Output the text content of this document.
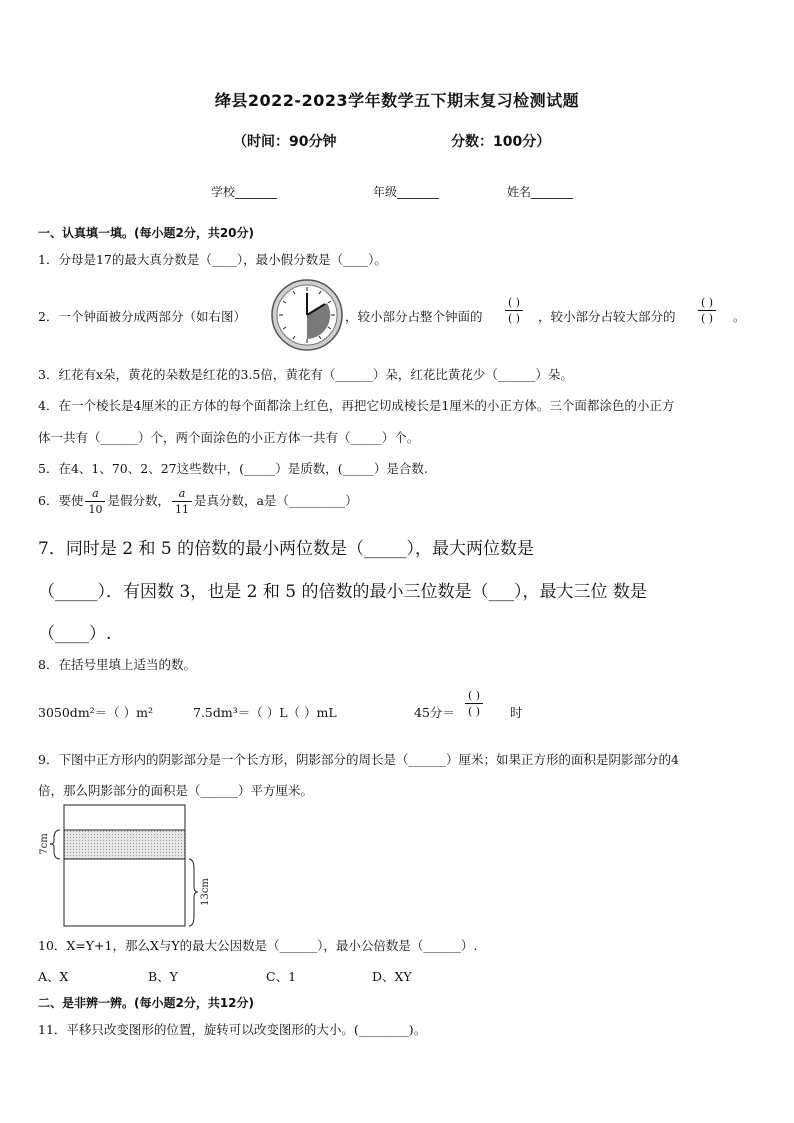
绛县2022-2023学年数学五下期末复习检测试题
（时间：90分钟	分数：100分）
学校_______	年级_______	姓名_______
一、认真填一填。(每小题2分，共20分)
1．分母是17的最大真分数是（____），最小假分数是（____）。
2．一个钟面被分成两部分（如右图）	，较小部分占整个钟面的 $\frac{( )}{( )}$ ，较小部分占较大部分的 $\frac{( )}{( )}$ 。
3．红花有x朵，黄花的朵数是红花的3.5倍，黄花有（______）朵，红花比黄花少（______）朵。
4．在一个棱长是4厘米的正方体的每个面都涂上红色，再把它切成棱长是1厘米的小正方体。三个面都涂色的小正方
体一共有（______）个，两个面涂色的小正方体一共有（_____）个。
5．在4、1、70、2、27这些数中，(_____）是质数，(_____）是合数.
6．要使 $\frac{a}{10}$ 是假分数， $\frac{a}{11}$ 是真分数，a是（_________）
7．同时是 2 和 5 的倍数的最小两位数是（_____），最大两位数是
（_____）．有因数 3，也是 2 和 5 的倍数的最小三位数是（___），最大三位 数是
（____）.
8．在括号里填上适当的数。
3050dm²＝（ ）m²	7.5dm³＝（ ）L（ ）mL	45分＝ $\frac{( )}{( )}$ 时
9．下图中正方形内的阴影部分是一个长方形，阴影部分的周长是（______）厘米；如果正方形的面积是阴影部分的4
倍，那么阴影部分的面积是（______）平方厘米。
7cm
13cm
10．X=Y+1，那么X与Y的最大公因数是（______），最小公倍数是（______）.
A、X	B、Y	C、1	D、XY
二、是非辨一辨。(每小题2分，共12分)
11．平移只改变图形的位置，旋转可以改变图形的大小。(________)。
